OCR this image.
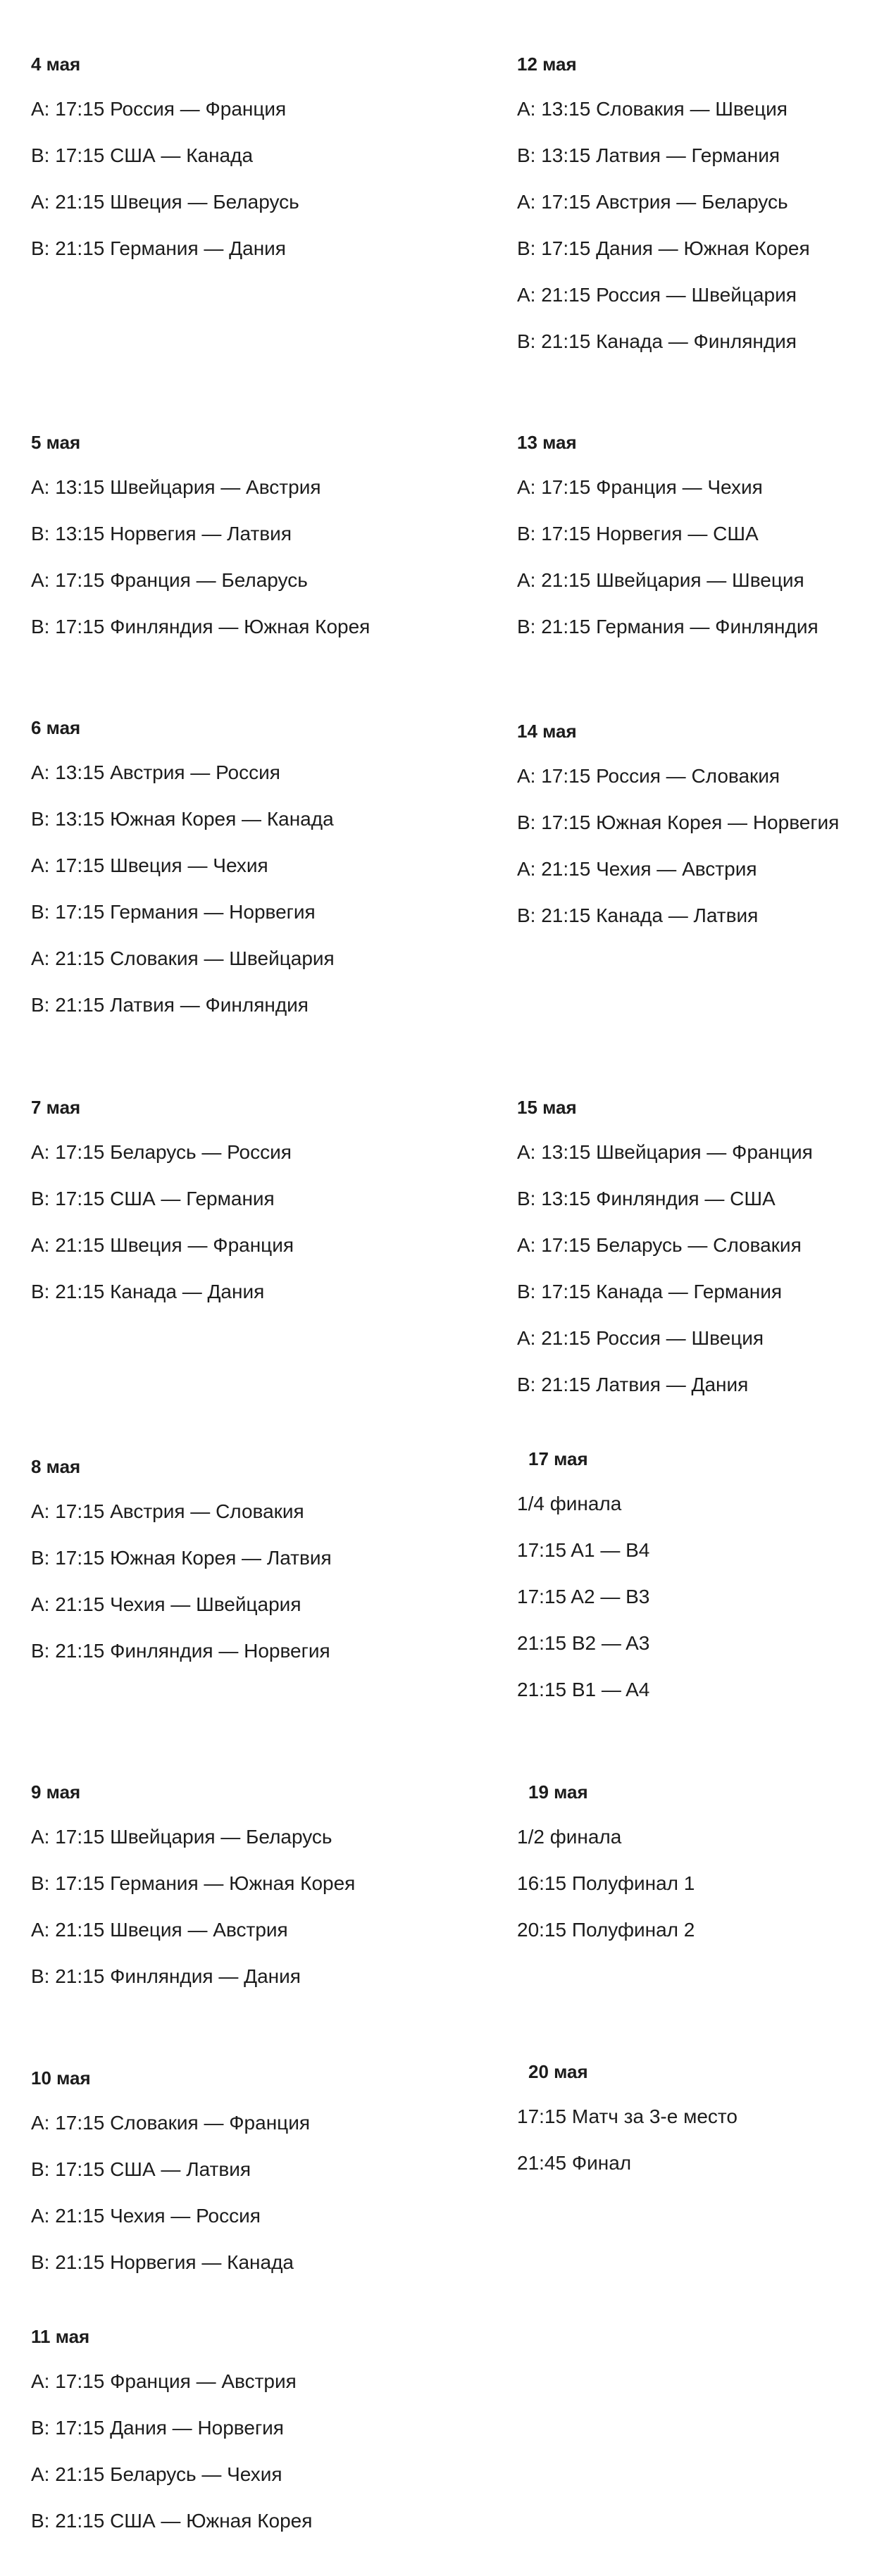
4 мая
A: 17:15 Россия — Франция
B: 17:15 США — Канада
A: 21:15 Швеция — Беларусь
B: 21:15 Германия — Дания
5 мая
A: 13:15 Швейцария — Австрия
B: 13:15 Норвегия — Латвия
A: 17:15 Франция — Беларусь
B: 17:15 Финляндия — Южная Корея
6 мая
A: 13:15 Австрия — Россия
B: 13:15 Южная Корея — Канада
A: 17:15 Швеция — Чехия
B: 17:15 Германия — Норвегия
A: 21:15 Словакия — Швейцария
B: 21:15 Латвия — Финляндия
7 мая
A: 17:15 Беларусь — Россия
B: 17:15 США — Германия
A: 21:15 Швеция — Франция
B: 21:15 Канада — Дания
8 мая
A: 17:15 Австрия — Словакия
B: 17:15 Южная Корея — Латвия
A: 21:15 Чехия — Швейцария
B: 21:15 Финляндия — Норвегия
9 мая
A: 17:15 Швейцария — Беларусь
B: 17:15 Германия — Южная Корея
A: 21:15 Швеция — Австрия
B: 21:15 Финляндия — Дания
10 мая
A: 17:15 Словакия — Франция
B: 17:15 США — Латвия
A: 21:15 Чехия — Россия
B: 21:15 Норвегия — Канада
11 мая
A: 17:15 Франция — Австрия
B: 17:15 Дания — Норвегия
A: 21:15 Беларусь — Чехия
B: 21:15 США — Южная Корея
12 мая
A: 13:15 Словакия — Швеция
B: 13:15 Латвия — Германия
A: 17:15 Австрия — Беларусь
B: 17:15 Дания — Южная Корея
A: 21:15 Россия — Швейцария
B: 21:15 Канада — Финляндия
13 мая
A: 17:15 Франция — Чехия
B: 17:15 Норвегия — США
A: 21:15 Швейцария — Швеция
B: 21:15 Германия — Финляндия
14 мая
A: 17:15 Россия — Словакия
B: 17:15 Южная Корея — Норвегия
A: 21:15 Чехия — Австрия
B: 21:15 Канада — Латвия
15 мая
A: 13:15 Швейцария — Франция
B: 13:15 Финляндия — США
A: 17:15 Беларусь — Словакия
B: 17:15 Канада — Германия
A: 21:15 Россия — Швеция
B: 21:15 Латвия — Дания
17 мая
1/4 финала
17:15 A1 — B4
17:15 A2 — B3
21:15 B2 — A3
21:15 B1 — A4
19 мая
1/2 финала
16:15 Полуфинал 1
20:15 Полуфинал 2
20 мая
17:15 Матч за 3-е место
21:45 Финал
